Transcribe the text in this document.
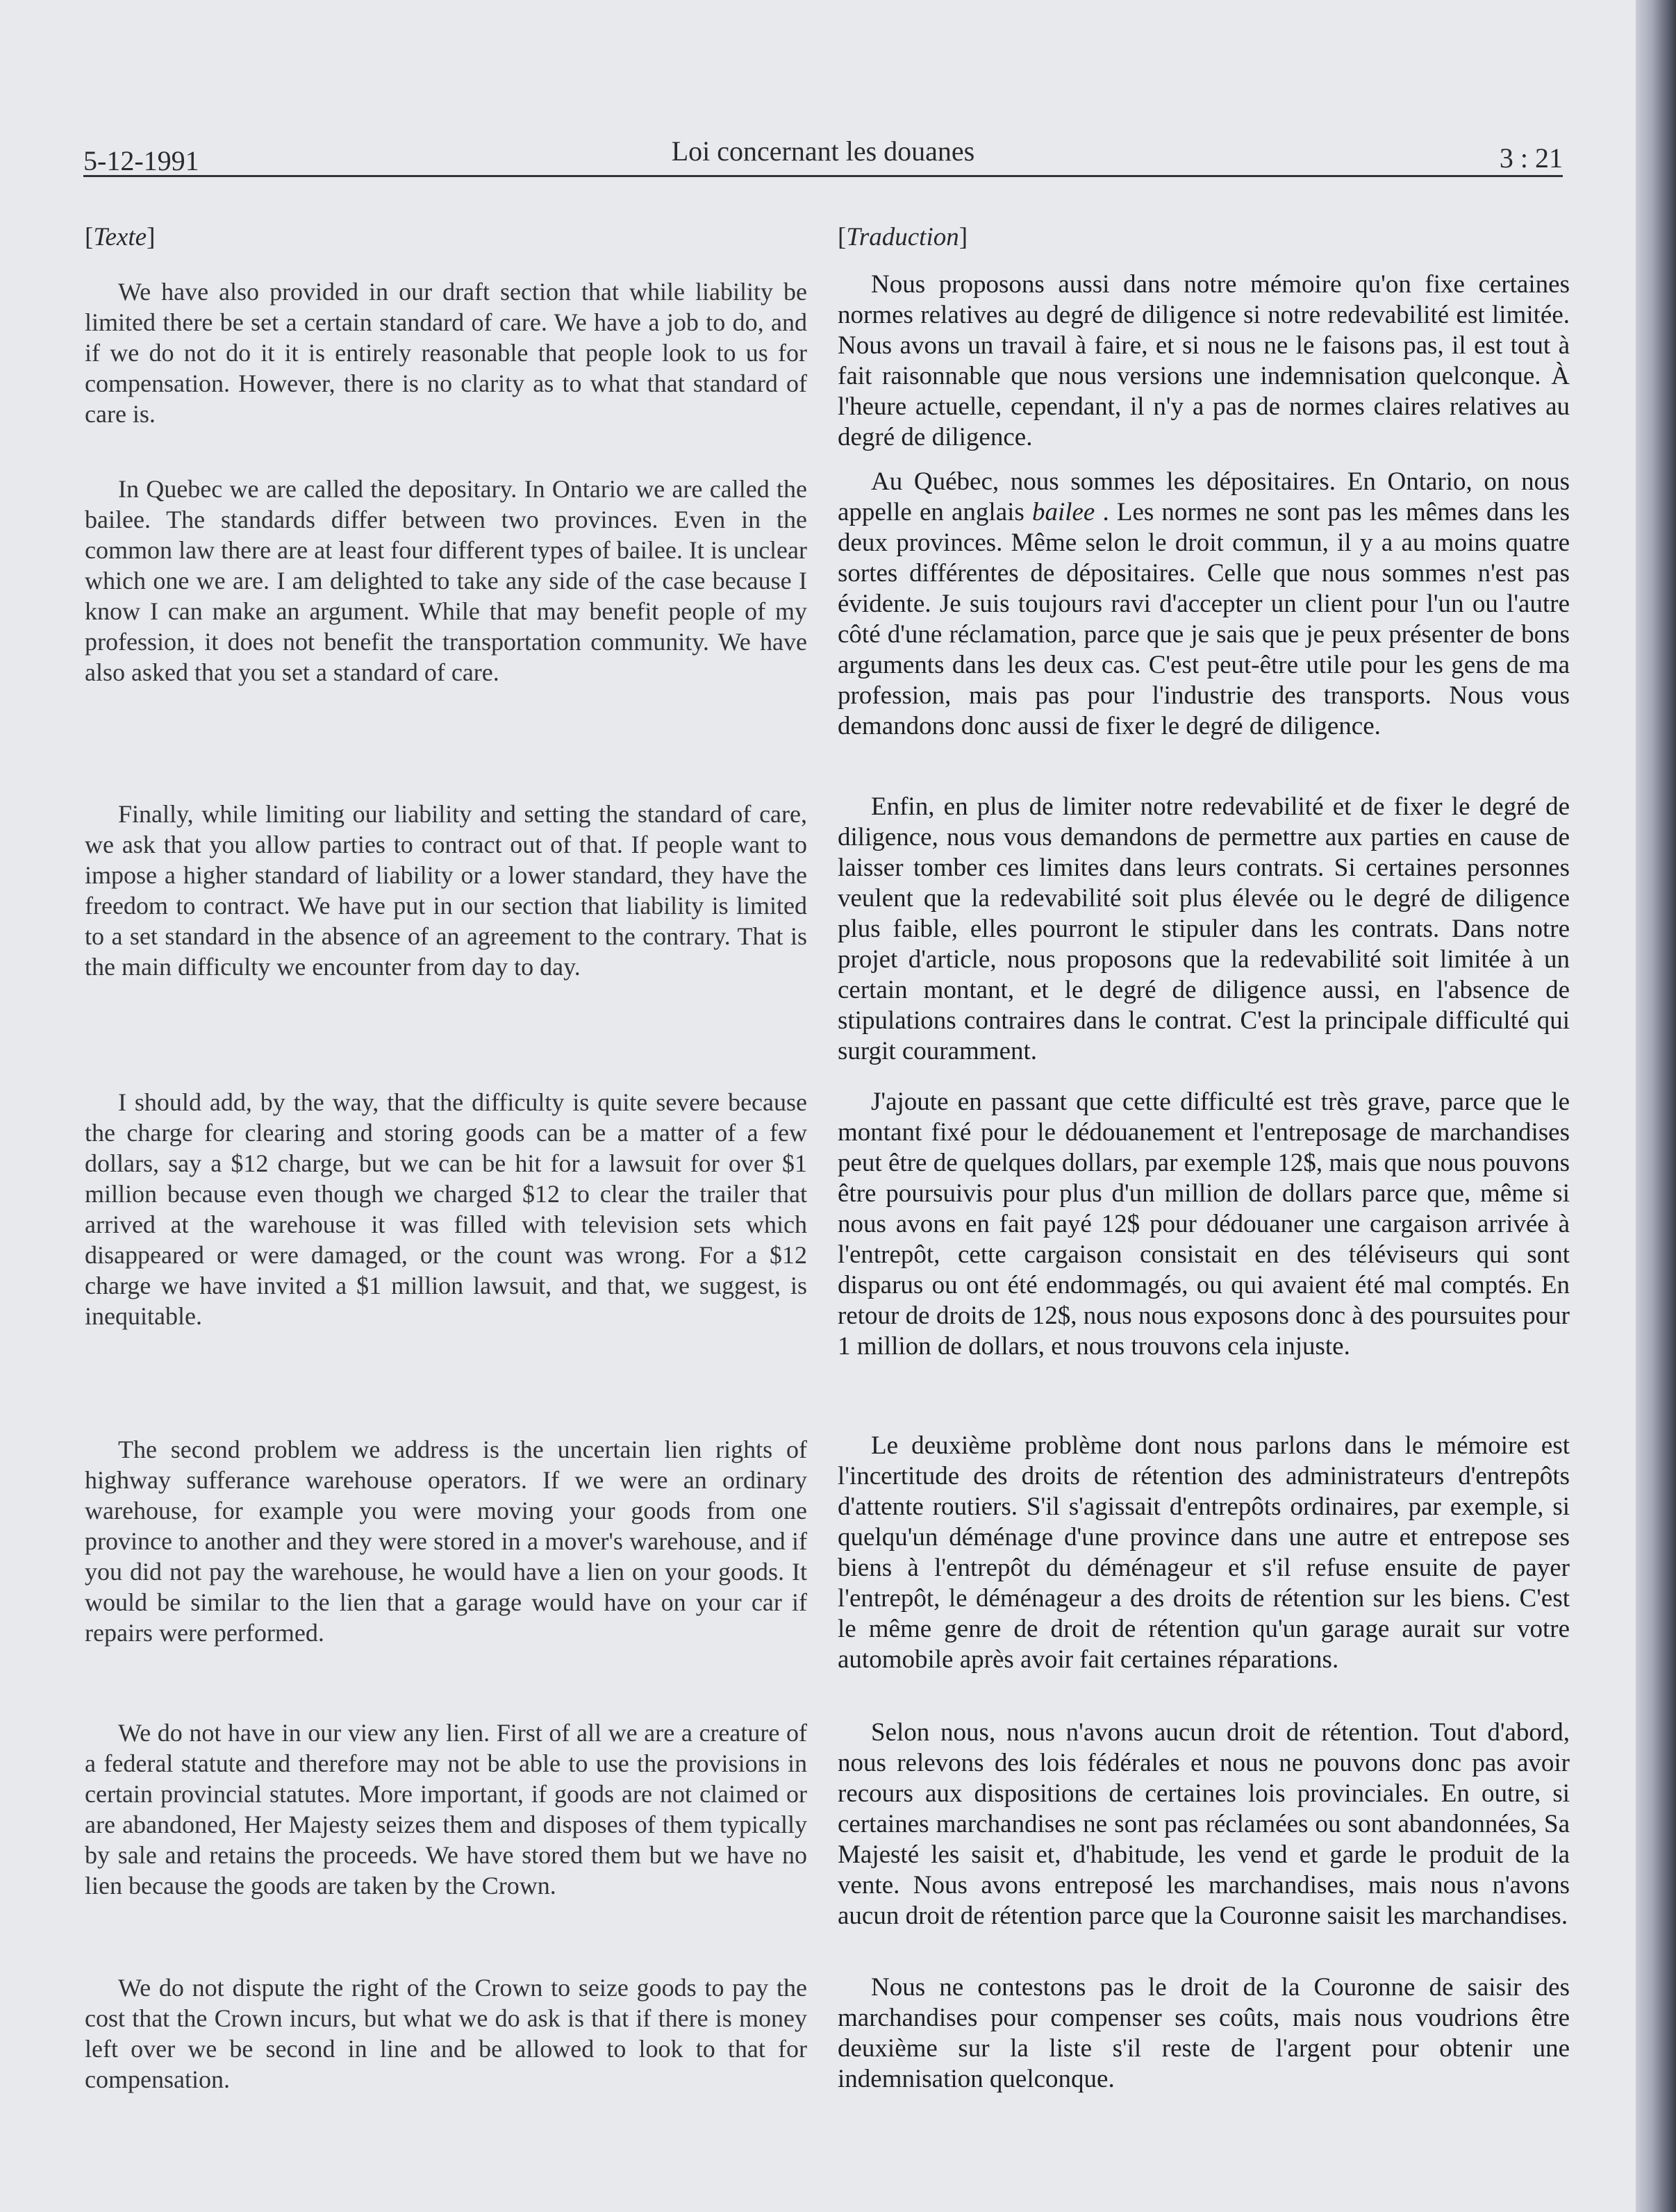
5-12-1991	Loi concernant les douanes	3 : 21
[Texte]

We have also provided in our draft section that while liability be limited there be set a certain standard of care. We have a job to do, and if we do not do it it is entirely reasonable that people look to us for compensation. However, there is no clarity as to what that standard of care is.

In Quebec we are called the depositary. In Ontario we are called the bailee. The standards differ between two provinces. Even in the common law there are at least four different types of bailee. It is unclear which one we are. I am delighted to take any side of the case because I know I can make an argument. While that may benefit people of my profession, it does not benefit the transportation community. We have also asked that you set a standard of care.

Finally, while limiting our liability and setting the standard of care, we ask that you allow parties to contract out of that. If people want to impose a higher standard of liability or a lower standard, they have the freedom to contract. We have put in our section that liability is limited to a set standard in the absence of an agreement to the contrary. That is the main difficulty we encounter from day to day.

I should add, by the way, that the difficulty is quite severe because the charge for clearing and storing goods can be a matter of a few dollars, say a $12 charge, but we can be hit for a lawsuit for over $1 million because even though we charged $12 to clear the trailer that arrived at the warehouse it was filled with television sets which disappeared or were damaged, or the count was wrong. For a $12 charge we have invited a $1 million lawsuit, and that, we suggest, is inequitable.

The second problem we address is the uncertain lien rights of highway sufferance warehouse operators. If we were an ordinary warehouse, for example you were moving your goods from one province to another and they were stored in a mover's warehouse, and if you did not pay the warehouse, he would have a lien on your goods. It would be similar to the lien that a garage would have on your car if repairs were performed.

We do not have in our view any lien. First of all we are a creature of a federal statute and therefore may not be able to use the provisions in certain provincial statutes. More important, if goods are not claimed or are abandoned, Her Majesty seizes them and disposes of them typically by sale and retains the proceeds. We have stored them but we have no lien because the goods are taken by the Crown.

We do not dispute the right of the Crown to seize goods to pay the cost that the Crown incurs, but what we do ask is that if there is money left over we be second in line and be allowed to look to that for compensation.

[Traduction]

Nous proposons aussi dans notre mémoire qu'on fixe certaines normes relatives au degré de diligence si notre redevabilité est limitée. Nous avons un travail à faire, et si nous ne le faisons pas, il est tout à fait raisonnable que nous versions une indemnisation quelconque. À l'heure actuelle, cependant, il n'y a pas de normes claires relatives au degré de diligence.

Au Québec, nous sommes les dépositaires. En Ontario, on nous appelle en anglais bailee . Les normes ne sont pas les mêmes dans les deux provinces. Même selon le droit commun, il y a au moins quatre sortes différentes de dépositaires. Celle que nous sommes n'est pas évidente. Je suis toujours ravi d'accepter un client pour l'un ou l'autre côté d'une réclamation, parce que je sais que je peux présenter de bons arguments dans les deux cas. C'est peut-être utile pour les gens de ma profession, mais pas pour l'industrie des transports. Nous vous demandons donc aussi de fixer le degré de diligence.

Enfin, en plus de limiter notre redevabilité et de fixer le degré de diligence, nous vous demandons de permettre aux parties en cause de laisser tomber ces limites dans leurs contrats. Si certaines personnes veulent que la redevabilité soit plus élevée ou le degré de diligence plus faible, elles pourront le stipuler dans les contrats. Dans notre projet d'article, nous proposons que la redevabilité soit limitée à un certain montant, et le degré de diligence aussi, en l'absence de stipulations contraires dans le contrat. C'est la principale difficulté qui surgit couramment.

J'ajoute en passant que cette difficulté est très grave, parce que le montant fixé pour le dédouanement et l'entreposage de marchandises peut être de quelques dollars, par exemple 12$, mais que nous pouvons être poursuivis pour plus d'un million de dollars parce que, même si nous avons en fait payé 12$ pour dédouaner une cargaison arrivée à l'entrepôt, cette cargaison consistait en des téléviseurs qui sont disparus ou ont été endommagés, ou qui avaient été mal comptés. En retour de droits de 12$, nous nous exposons donc à des poursuites pour 1 million de dollars, et nous trouvons cela injuste.

Le deuxième problème dont nous parlons dans le mémoire est l'incertitude des droits de rétention des administrateurs d'entrepôts d'attente routiers. S'il s'agissait d'entrepôts ordinaires, par exemple, si quelqu'un déménage d'une province dans une autre et entrepose ses biens à l'entrepôt du déménageur et s'il refuse ensuite de payer l'entrepôt, le déménageur a des droits de rétention sur les biens. C'est le même genre de droit de rétention qu'un garage aurait sur votre automobile après avoir fait certaines réparations.

Selon nous, nous n'avons aucun droit de rétention. Tout d'abord, nous relevons des lois fédérales et nous ne pouvons donc pas avoir recours aux dispositions de certaines lois provinciales. En outre, si certaines marchandises ne sont pas réclamées ou sont abandonnées, Sa Majesté les saisit et, d'habitude, les vend et garde le produit de la vente. Nous avons entreposé les marchandises, mais nous n'avons aucun droit de rétention parce que la Couronne saisit les marchandises.

Nous ne contestons pas le droit de la Couronne de saisir des marchandises pour compenser ses coûts, mais nous voudrions être deuxième sur la liste s'il reste de l'argent pour obtenir une indemnisation quelconque.
